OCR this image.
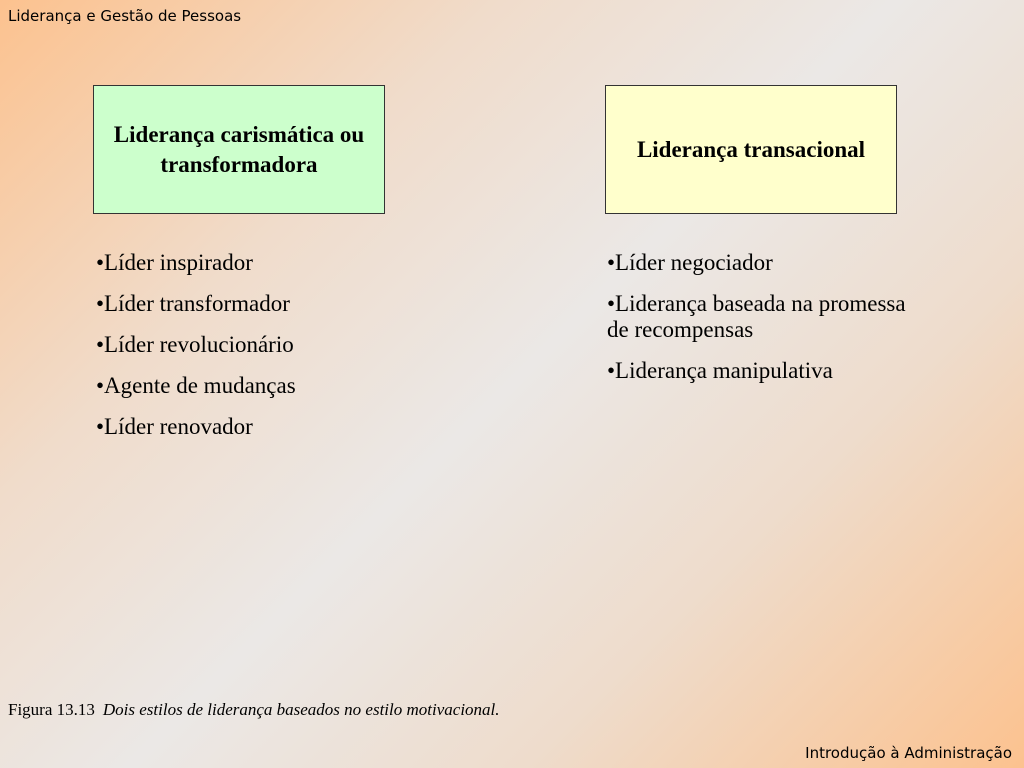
Liderança e Gestão de Pessoas
Liderança carismática ou transformadora
Liderança transacional
•Líder inspirador
•Líder transformador
•Líder revolucionário
•Agente de mudanças
•Líder renovador
•Líder negociador
•Liderança baseada na promessa de recompensas
•Liderança manipulativa
Figura 13.13 Dois estilos de liderança baseados no estilo motivacional.
Introdução à Administração
